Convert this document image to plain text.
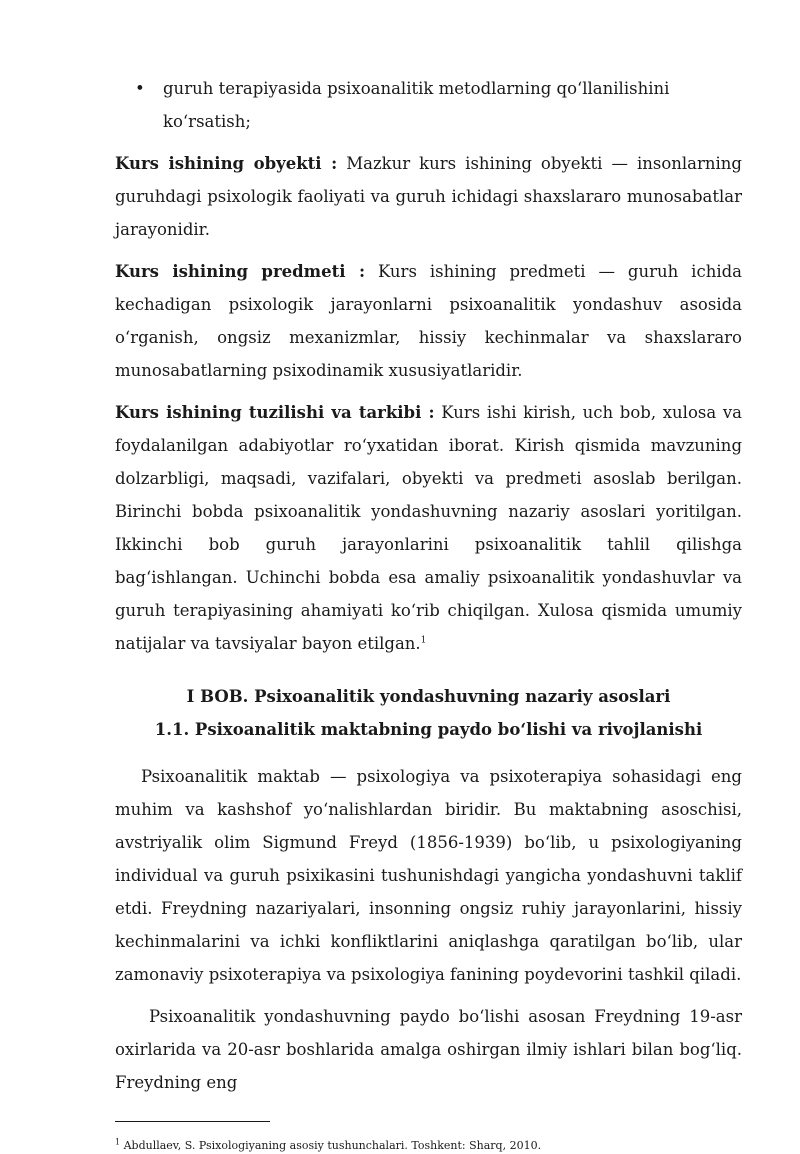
•	guruh terapiyasida psixoanalitik metodlarning qo‘llanilishini ko‘rsatish;

Kurs ishining obyekti : Mazkur kurs ishining obyekti — insonlarning guruhdagi psixologik faoliyati va guruh ichidagi shaxslararo munosabatlar jarayonidir.

Kurs ishining predmeti : Kurs ishining predmeti — guruh ichida kechadigan psixologik jarayonlarni psixoanalitik yondashuv asosida o‘rganish, ongsiz mexanizmlar, hissiy kechinmalar va shaxslararo munosabatlarning psixodinamik xususiyatlaridir.

Kurs ishining tuzilishi va tarkibi : Kurs ishi kirish, uch bob, xulosa va foydalanilgan adabiyotlar ro‘yxatidan iborat. Kirish qismida mavzuning dolzarbligi, maqsadi, vazifalari, obyekti va predmeti asoslab berilgan. Birinchi bobda psixoanalitik yondashuvning nazariy asoslari yoritilgan. Ikkinchi bob guruh jarayonlarini psixoanalitik tahlil qilishga bag‘ishlangan. Uchinchi bobda esa amaliy psixoanalitik yondashuvlar va guruh terapiyasining ahamiyati ko‘rib chiqilgan. Xulosa qismida umumiy natijalar va tavsiyalar bayon etilgan.$^1$

I BOB. Psixoanalitik yondashuvning nazariy asoslari

1.1. Psixoanalitik maktabning paydo bo‘lishi va rivojlanishi

Psixoanalitik maktab — psixologiya va psixoterapiya sohasidagi eng muhim va kashshof yo‘nalishlardan biridir. Bu maktabning asoschisi, avstriyalik olim Sigmund Freyd (1856-1939) bo‘lib, u psixologiyaning individual va guruh psixikasini tushunishdagi yangicha yondashuvni taklif etdi. Freydning nazariyalari, insonning ongsiz ruhiy jarayonlarini, hissiy kechinmalarini va ichki konfliktlarini aniqlashga qaratilgan bo‘lib, ular zamonaviy psixoterapiya va psixologiya fanining poydevorini tashkil qiladi.

Psixoanalitik yondashuvning paydo bo‘lishi asosan Freydning 19-asr oxirlarida va 20-asr boshlarida amalga oshirgan ilmiy ishlari bilan bog‘liq. Freydning eng

$^1$ Abdullaev, S. Psixologiyaning asosiy tushunchalari. Toshkent: Sharq, 2010.
